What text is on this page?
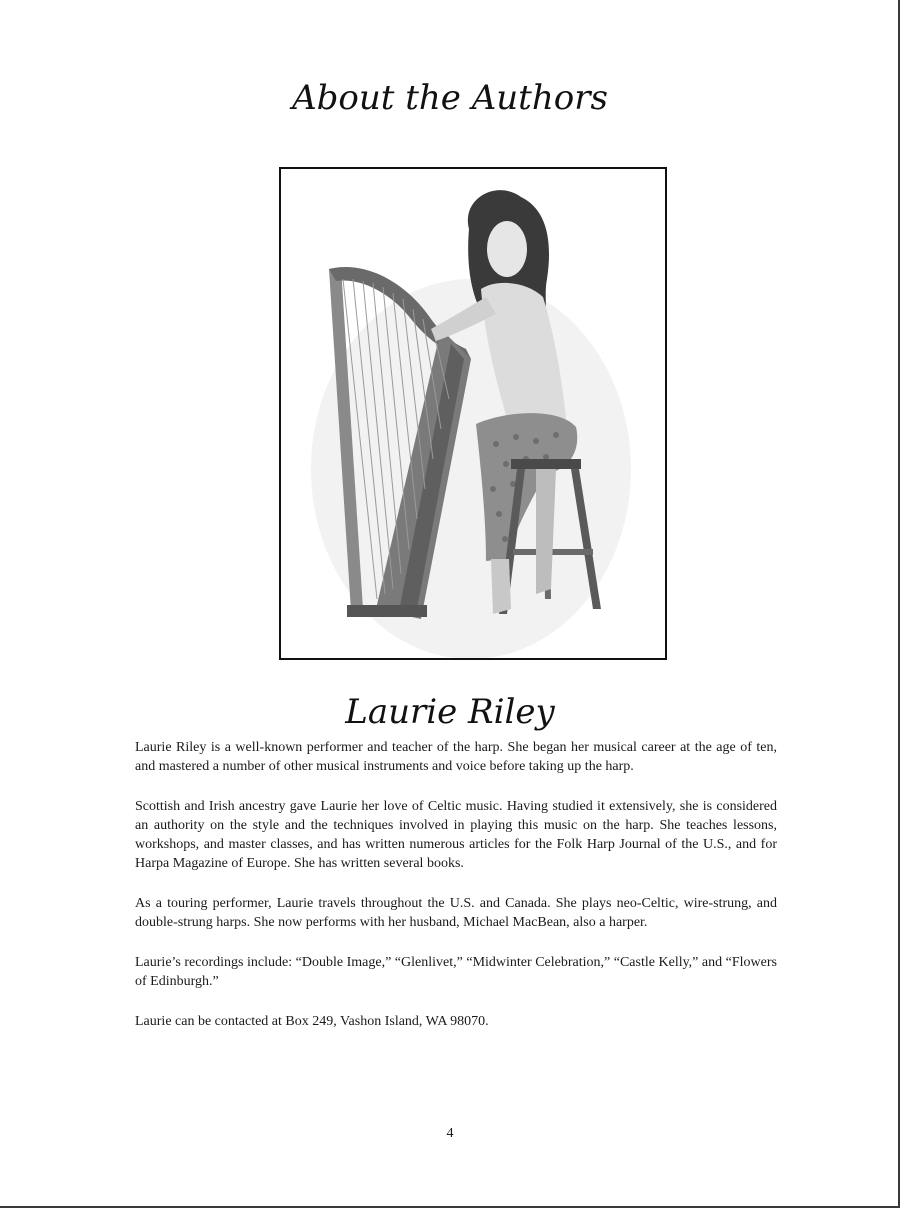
About the Authors
Laurie Riley

Laurie Riley is a well-known performer and teacher of the harp. She began her musical career at the age of ten, and mastered a number of other musical instruments and voice before taking up the harp.

Scottish and Irish ancestry gave Laurie her love of Celtic music. Having studied it extensively, she is considered an authority on the style and the techniques involved in playing this music on the harp. She teaches lessons, workshops, and master classes, and has written numerous articles for the Folk Harp Journal of the U.S., and for Harpa Magazine of Europe. She has written several books.

As a touring performer, Laurie travels throughout the U.S. and Canada. She plays neo-Celtic, wire-strung, and double-strung harps. She now performs with her husband, Michael MacBean, also a harper.

Laurie’s recordings include: “Double Image,” “Glenlivet,” “Midwinter Celebration,” “Castle Kelly,” and “Flowers of Edinburgh.”

Laurie can be contacted at Box 249, Vashon Island, WA 98070.

4
